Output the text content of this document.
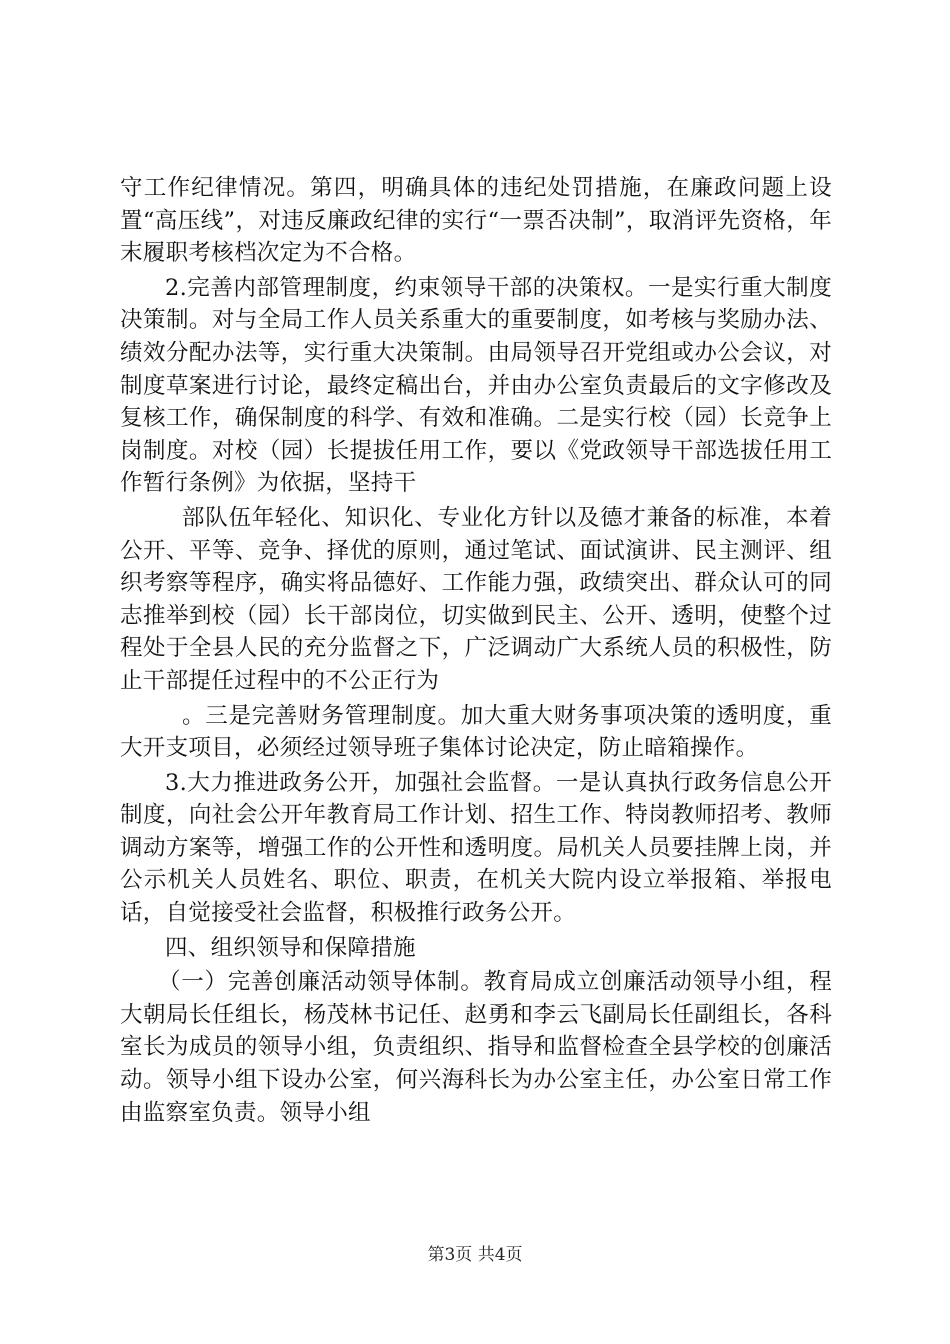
守工作纪律情况。第四，明确具体的违纪处罚措施，在廉政问题上设置“高压线”，对违反廉政纪律的实行“一票否决制”，取消评先资格，年末履职考核档次定为不合格。

2.完善内部管理制度，约束领导干部的决策权。一是实行重大制度决策制。对与全局工作人员关系重大的重要制度，如考核与奖励办法、绩效分配办法等，实行重大决策制。由局领导召开党组或办公会议，对制度草案进行讨论，最终定稿出台，并由办公室负责最后的文字修改及复核工作，确保制度的科学、有效和准确。二是实行校（园）长竞争上岗制度。对校（园）长提拔任用工作，要以《党政领导干部选拔任用工作暂行条例》为依据，坚持干

部队伍年轻化、知识化、专业化方针以及德才兼备的标准，本着公开、平等、竞争、择优的原则，通过笔试、面试演讲、民主测评、组织考察等程序，确实将品德好、工作能力强，政绩突出、群众认可的同志推举到校（园）长干部岗位，切实做到民主、公开、透明，使整个过程处于全县人民的充分监督之下，广泛调动广大系统人员的积极性，防止干部提任过程中的不公正行为

。三是完善财务管理制度。加大重大财务事项决策的透明度，重大开支项目，必须经过领导班子集体讨论决定，防止暗箱操作。

3.大力推进政务公开，加强社会监督。一是认真执行政务信息公开制度，向社会公开年教育局工作计划、招生工作、特岗教师招考、教师调动方案等，增强工作的公开性和透明度。局机关人员要挂牌上岗，并公示机关人员姓名、职位、职责，在机关大院内设立举报箱、举报电话，自觉接受社会监督，积极推行政务公开。

四、组织领导和保障措施

（一）完善创廉活动领导体制。教育局成立创廉活动领导小组，程大朝局长任组长，杨茂林书记任、赵勇和李云飞副局长任副组长，各科室长为成员的领导小组，负责组织、指导和监督检查全县学校的创廉活动。领导小组下设办公室，何兴海科长为办公室主任，办公室日常工作由监察室负责。领导小组

第3页 共4页
